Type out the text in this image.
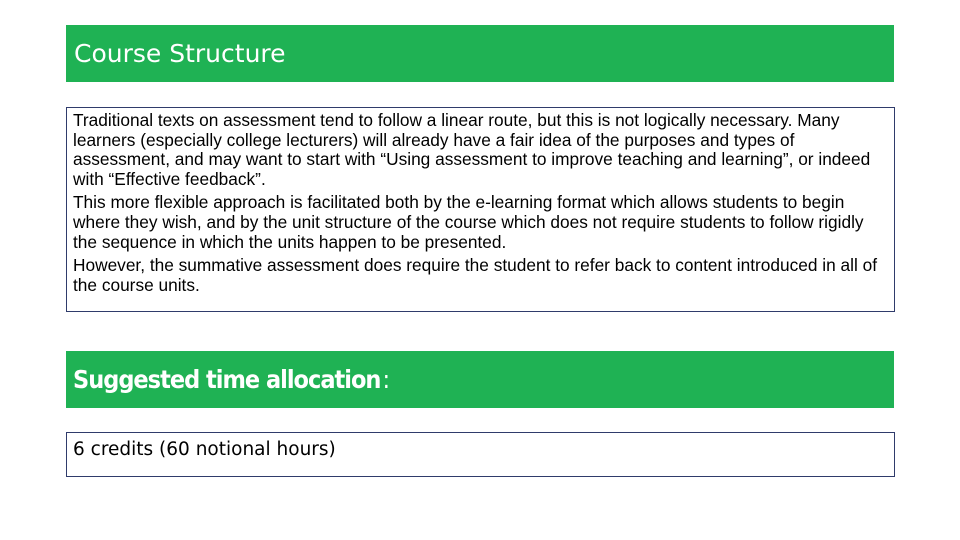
Course Structure

Traditional texts on assessment tend to follow a linear route, but this is not logically necessary. Many learners (especially college lecturers) will already have a fair idea of the purposes and types of assessment, and may want to start with “Using assessment to improve teaching and learning”, or indeed with “Effective feedback”.

This more flexible approach is facilitated both by the e-learning format which allows students to begin where they wish, and by the unit structure of the course which does not require students to follow rigidly the sequence in which the units happen to be presented.

However, the summative assessment does require the student to refer back to content introduced in all of the course units.

Suggested time allocation :
6 credits (60 notional hours)
